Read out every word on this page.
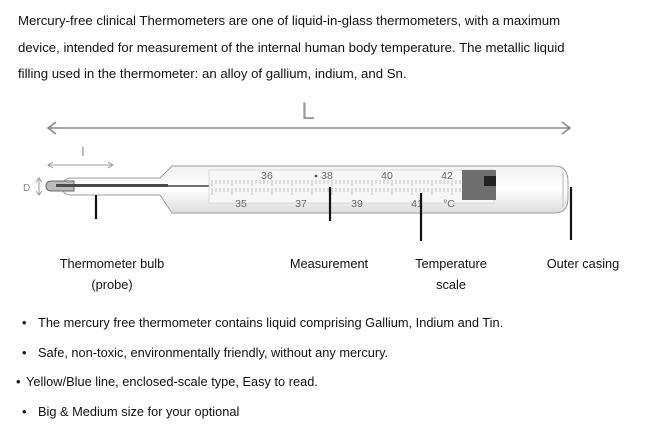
Mercury-free clinical Thermometers are one of liquid-in-glass thermometers, with a maximum
device, intended for measurement of the internal human body temperature. The metallic liquid
filling used in the thermometer: an alloy of gallium, indium, and Sn.
L
l
D
36	38	40	42
35	37	39	41 °C
Thermometer bulb
(probe)
Measurement	Temperature
scale
Outer casing
• The mercury free thermometer contains liquid comprising Gallium, Indium and Tin.
• Safe, non-toxic, environmentally friendly, without any mercury.
• Yellow/Blue line, enclosed-scale type, Easy to read.
• Big & Medium size for your optional
